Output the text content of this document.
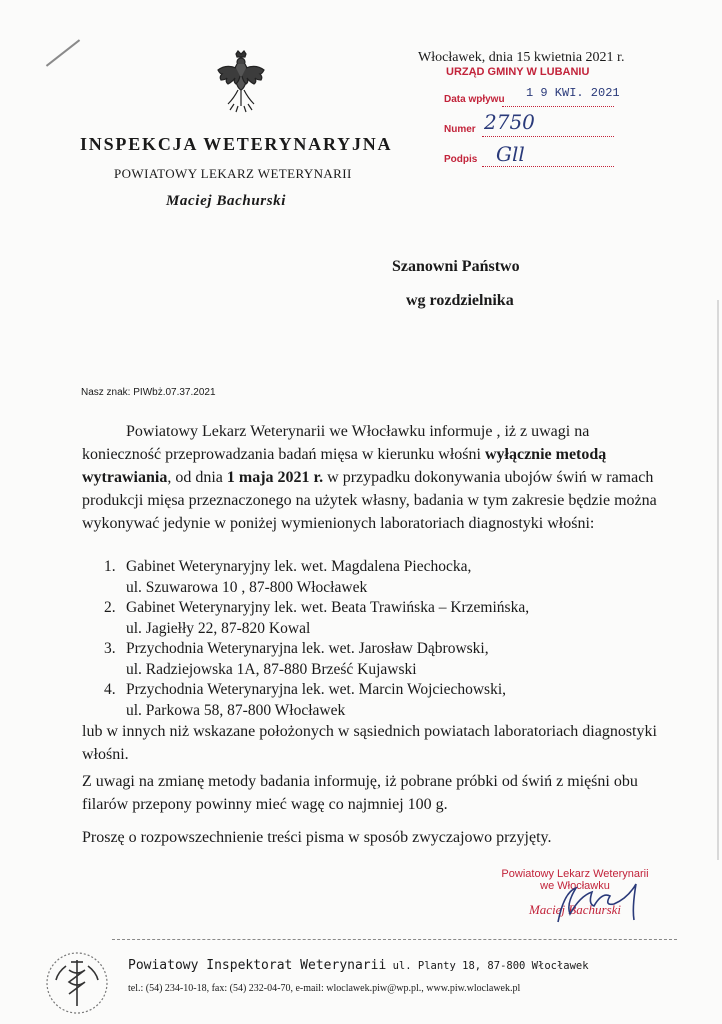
INSPEKCJA WETERYNARYJNA
POWIATOWY LEKARZ WETERYNARII
Maciej Bachurski
Włocławek, dnia 15 kwietnia 2021 r.
URZĄD GMINY W LUBANIU
Data wpływu 1 9 KWI. 2021
Numer 2750
Podpis Gll
Szanowni Państwo
wg rozdzielnika
Nasz znak: PIWbż.07.37.2021
Powiatowy Lekarz Weterynarii we Włocławku informuje , iż z uwagi na konieczność przeprowadzania badań mięsa w kierunku włośni wyłącznie metodą wytrawiania, od dnia 1 maja 2021 r. w przypadku dokonywania ubojów świń w ramach produkcji mięsa przeznaczonego na użytek własny, badania w tym zakresie będzie można wykonywać jedynie w poniżej wymienionych laboratoriach diagnostyki włośni:
1. Gabinet Weterynaryjny lek. wet. Magdalena Piechocka,
ul. Szuwarowa 10 , 87-800 Włocławek
2. Gabinet Weterynaryjny lek. wet. Beata Trawińska – Krzemińska,
ul. Jagiełły 22, 87-820 Kowal
3. Przychodnia Weterynaryjna lek. wet. Jarosław Dąbrowski,
ul. Radziejowska 1A, 87-880 Brześć Kujawski
4. Przychodnia Weterynaryjna lek. wet. Marcin Wojciechowski,
ul. Parkowa 58, 87-800 Włocławek
lub w innych niż wskazane położonych w sąsiednich powiatach laboratoriach diagnostyki włośni.
Z uwagi na zmianę metody badania informuję, iż pobrane próbki od świń z mięśni obu filarów przepony powinny mieć wagę co najmniej 100 g.
Proszę o rozpowszechnienie treści pisma w sposób zwyczajowo przyjęty.
Powiatowy Lekarz Weterynarii
we Włocławku
Maciej Bachurski
Powiatowy Inspektorat Weterynarii ul. Planty 18, 87-800 Włocławek
tel.: (54) 234-10-18, fax: (54) 232-04-70, e-mail: wloclawek.piw@wp.pl., www.piw.wloclawek.pl
